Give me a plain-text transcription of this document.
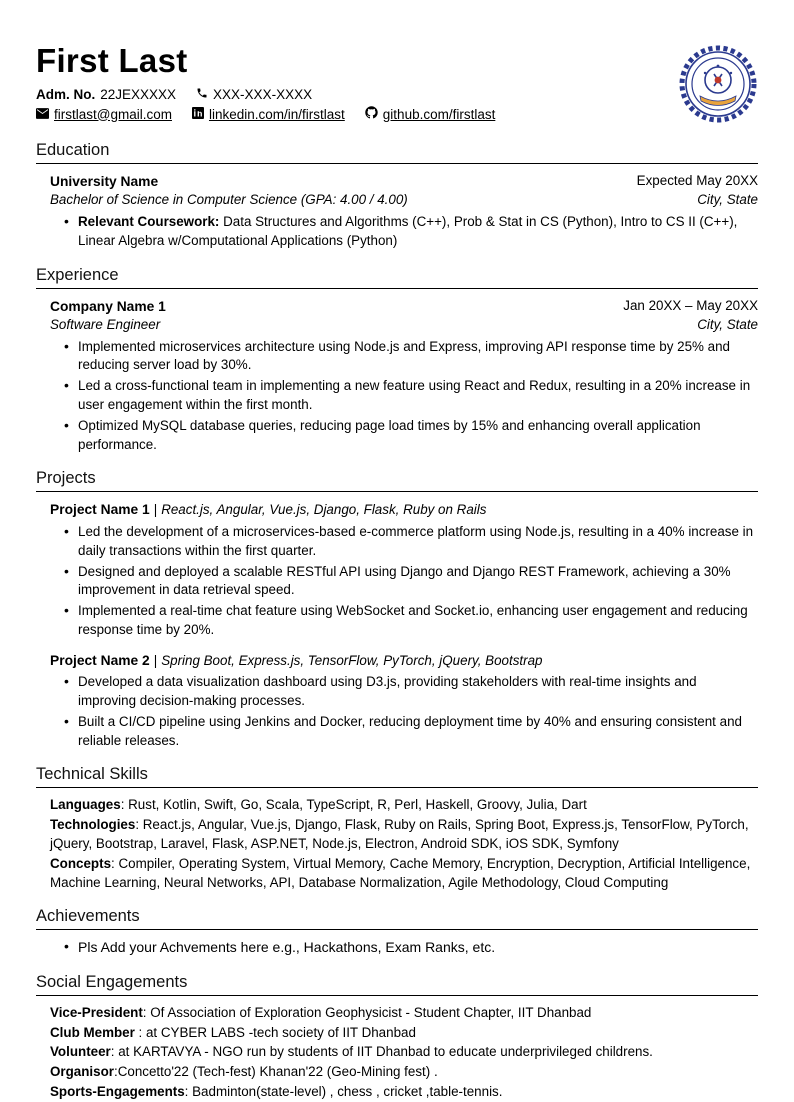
First Last
Adm. No. 22JEXXXXX	XXX-XXX-XXXX
firstlast@gmail.com	linkedin.com/in/firstlast	github.com/firstlast
Education
University Name	Expected May 20XX
Bachelor of Science in Computer Science (GPA: 4.00 / 4.00)	City, State
• Relevant Coursework: Data Structures and Algorithms (C++), Prob & Stat in CS (Python), Intro to CS II (C++), Linear Algebra w/Computational Applications (Python)
Experience
Company Name 1	Jan 20XX – May 20XX
Software Engineer	City, State
• Implemented microservices architecture using Node.js and Express, improving API response time by 25% and reducing server load by 30%.
• Led a cross-functional team in implementing a new feature using React and Redux, resulting in a 20% increase in user engagement within the first month.
• Optimized MySQL database queries, reducing page load times by 15% and enhancing overall application performance.
Projects
Project Name 1 | React.js, Angular, Vue.js, Django, Flask, Ruby on Rails
• Led the development of a microservices-based e-commerce platform using Node.js, resulting in a 40% increase in daily transactions within the first quarter.
• Designed and deployed a scalable RESTful API using Django and Django REST Framework, achieving a 30% improvement in data retrieval speed.
• Implemented a real-time chat feature using WebSocket and Socket.io, enhancing user engagement and reducing response time by 20%.
Project Name 2 | Spring Boot, Express.js, TensorFlow, PyTorch, jQuery, Bootstrap
• Developed a data visualization dashboard using D3.js, providing stakeholders with real-time insights and improving decision-making processes.
• Built a CI/CD pipeline using Jenkins and Docker, reducing deployment time by 40% and ensuring consistent and reliable releases.
Technical Skills
Languages: Rust, Kotlin, Swift, Go, Scala, TypeScript, R, Perl, Haskell, Groovy, Julia, Dart
Technologies: React.js, Angular, Vue.js, Django, Flask, Ruby on Rails, Spring Boot, Express.js, TensorFlow, PyTorch, jQuery, Bootstrap, Laravel, Flask, ASP.NET, Node.js, Electron, Android SDK, iOS SDK, Symfony
Concepts: Compiler, Operating System, Virtual Memory, Cache Memory, Encryption, Decryption, Artificial Intelligence, Machine Learning, Neural Networks, API, Database Normalization, Agile Methodology, Cloud Computing
Achievements
• Pls Add your Achvements here e.g., Hackathons, Exam Ranks, etc.
Social Engagements
Vice-President: Of Association of Exploration Geophysicist - Student Chapter, IIT Dhanbad
Club Member : at CYBER LABS -tech society of IIT Dhanbad
Volunteer: at KARTAVYA - NGO run by students of IIT Dhanbad to educate underprivileged childrens.
Organisor:Concetto'22 (Tech-fest) Khanan'22 (Geo-Mining fest) .
Sports-Engagements: Badminton(state-level) , chess , cricket ,table-tennis.
